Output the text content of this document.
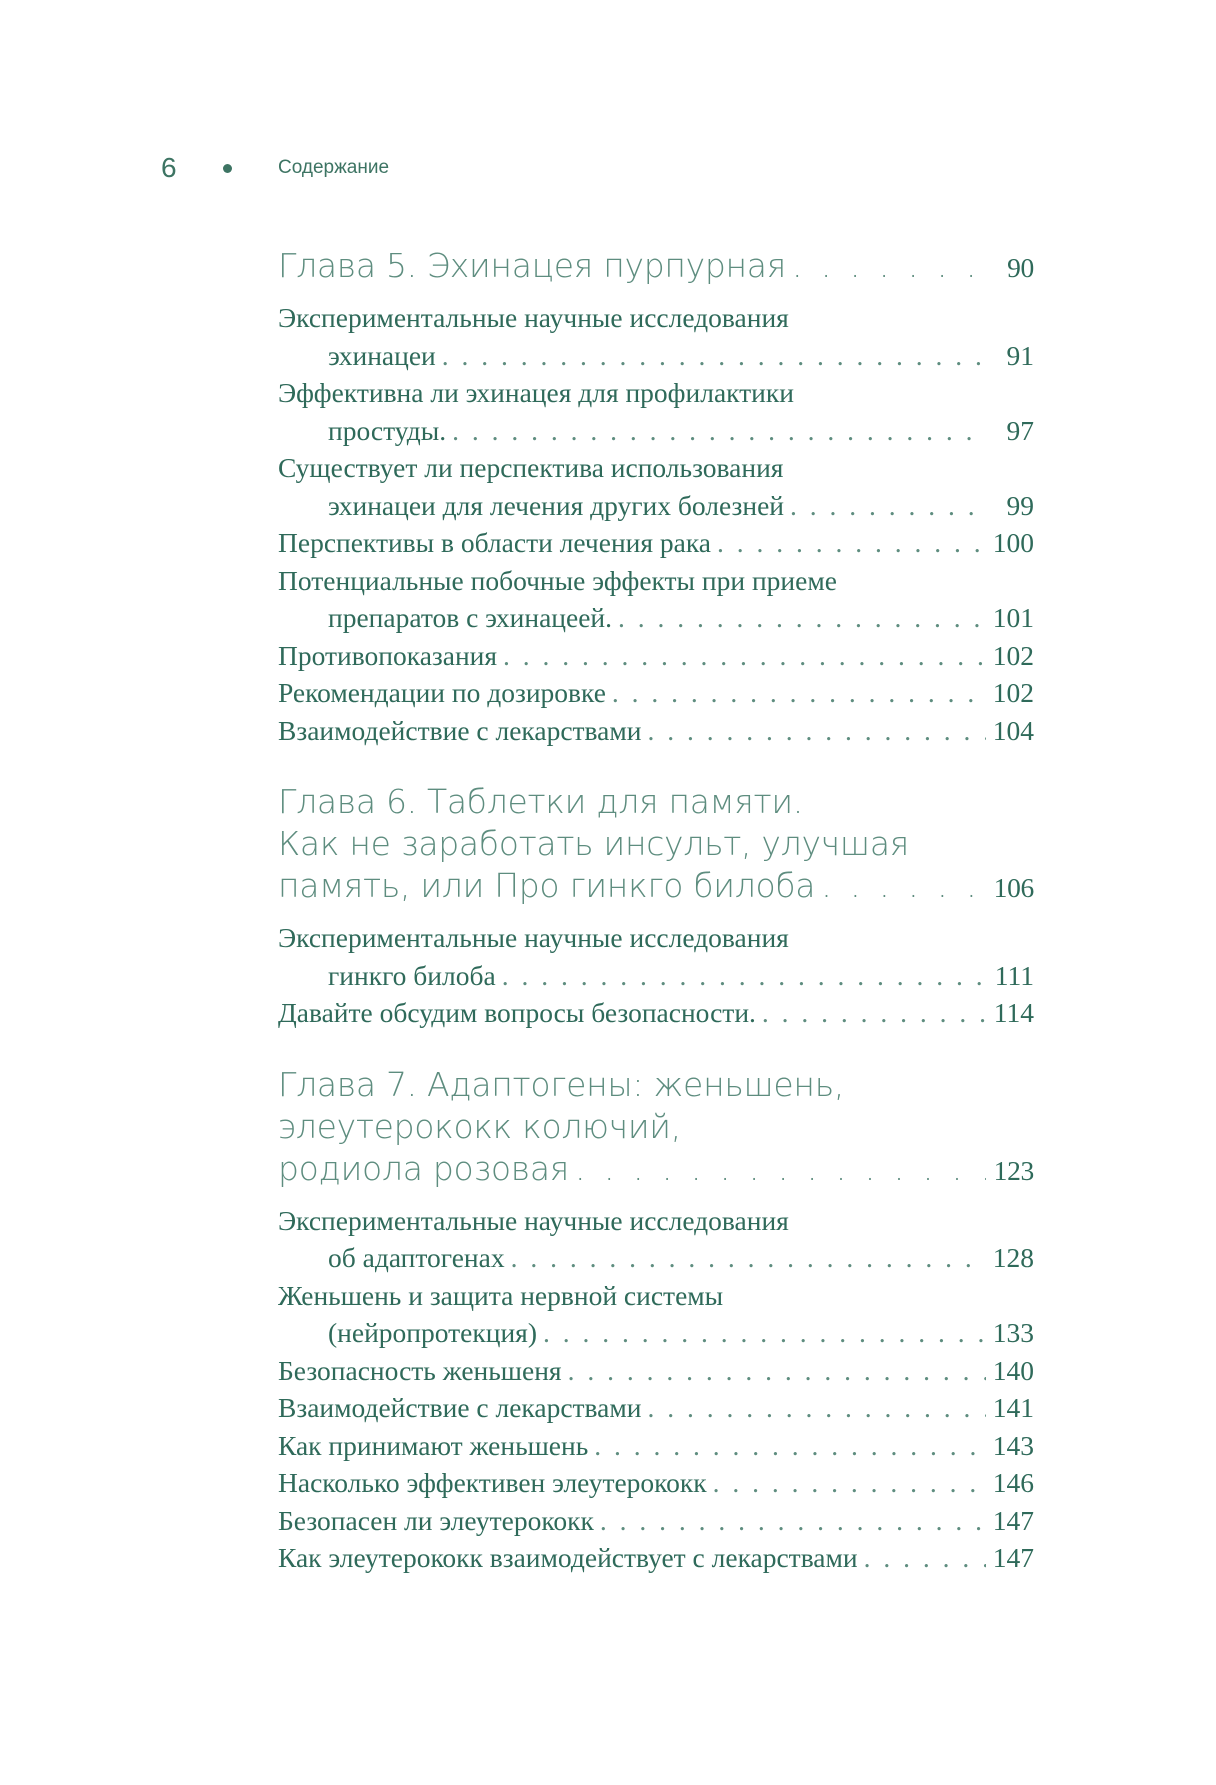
6	Содержание
Глава 5. Эхинацея пурпурная . . .	90
Экспериментальные научные исследования
эхинацеи . . .	91
Эффективна ли эхинацея для профилактики
простуды. . . .	97
Существует ли перспектива использования
эхинацеи для лечения других болезней . . .	99
Перспективы в области лечения рака . . .	100
Потенциальные побочные эффекты при приеме
препаратов с эхинацеей. . . .	101
Противопоказания . . .	102
Рекомендации по дозировке . . .	102
Взаимодействие с лекарствами . . .	104
Глава 6. Таблетки для памяти.
Как не заработать инсульт, улучшая
память, или Про гинкго билоба . . .	106
Экспериментальные научные исследования
гинкго билоба . . .	111
Давайте обсудим вопросы безопасности. . . .	114
Глава 7. Адаптогены: женьшень,
элеутерококк колючий,
родиола розовая . . .	123
Экспериментальные научные исследования
об адаптогенах . . .	128
Женьшень и защита нервной системы
(нейропротекция) . . .	133
Безопасность женьшеня . . .	140
Взаимодействие с лекарствами . . .	141
Как принимают женьшень . . .	143
Насколько эффективен элеутерококк . . .	146
Безопасен ли элеутерококк . . .	147
Как элеутерококк взаимодействует с лекарствами . . .	147
